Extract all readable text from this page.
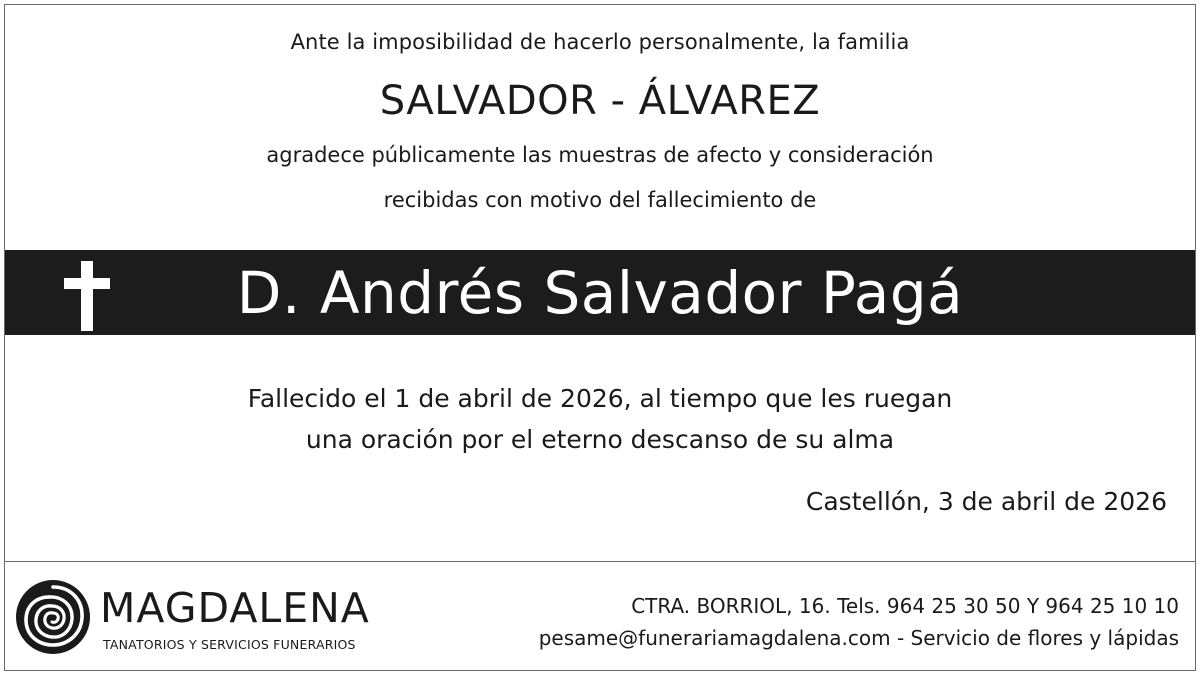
Ante la imposibilidad de hacerlo personalmente, la familia
SALVADOR - ÁLVAREZ
agradece públicamente las muestras de afecto y consideración
recibidas con motivo del fallecimiento de
D. Andrés Salvador Pagá
Fallecido el 1 de abril de 2026, al tiempo que les ruegan
una oración por el eterno descanso de su alma
Castellón, 3 de abril de 2026
MAGDALENA
TANATORIOS Y SERVICIOS FUNERARIOS
CTRA. BORRIOL, 16. Tels. 964 25 30 50 Y 964 25 10 10
pesame@funerariamagdalena.com - Servicio de flores y lápidas
